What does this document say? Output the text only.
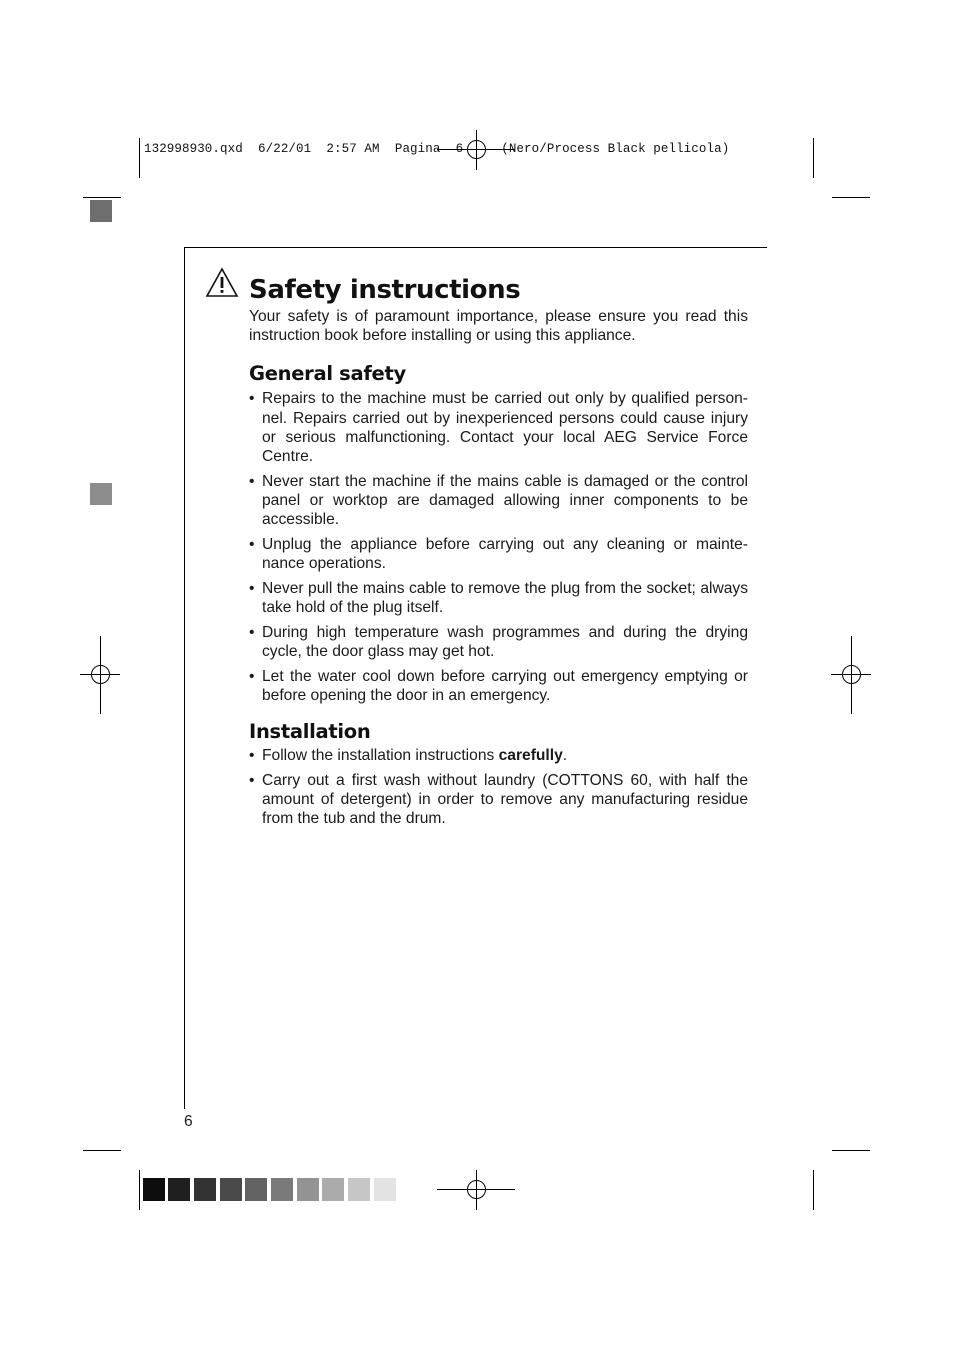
132998930.qxd  6/22/01  2:57 AM  Pagina  6     (Nero/Process Black pellicola)
Safety instructions

Your safety is of paramount importance, please ensure you read this instruction book before installing or using this appliance.

General safety

• Repairs to the machine must be carried out only by qualified person-nel. Repairs carried out by inexperienced persons could cause injury or serious malfunctioning. Contact your local AEG Service Force Centre.

• Never start the machine if the mains cable is damaged or the control panel or worktop are damaged allowing inner components to be accessible.

• Unplug the appliance before carrying out any cleaning or mainte-nance operations.

• Never pull the mains cable to remove the plug from the socket; always take hold of the plug itself.

• During high temperature wash programmes and during the drying cycle, the door glass may get hot.

• Let the water cool down before carrying out emergency emptying or before opening the door in an emergency.

Installation

• Follow the installation instructions carefully.

• Carry out a first wash without laundry (COTTONS 60, with half the amount of detergent) in order to remove any manufacturing residue from the tub and the drum.

6
